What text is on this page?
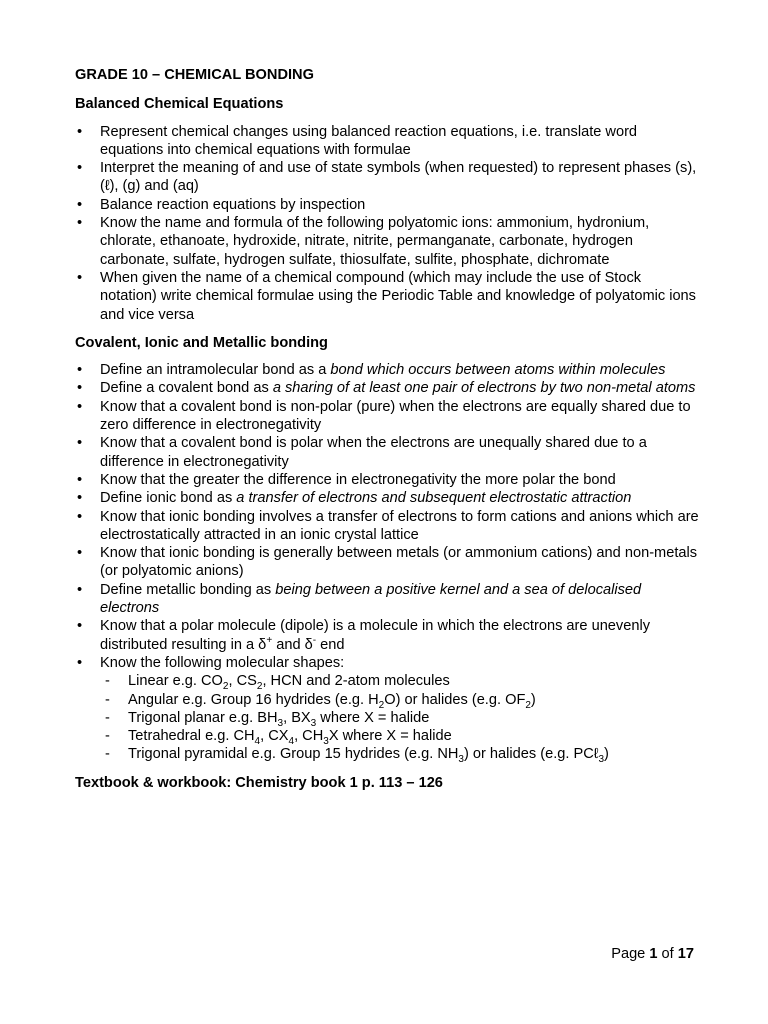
GRADE 10 – CHEMICAL BONDING
Balanced Chemical Equations
• Represent chemical changes using balanced reaction equations, i.e. translate word equations into chemical equations with formulae
• Interpret the meaning of and use of state symbols (when requested) to represent phases (s), (ℓ), (g) and (aq)
• Balance reaction equations by inspection
• Know the name and formula of the following polyatomic ions: ammonium, hydronium, chlorate, ethanoate, hydroxide, nitrate, nitrite, permanganate, carbonate, hydrogen carbonate, sulfate, hydrogen sulfate, thiosulfate, sulfite, phosphate, dichromate
• When given the name of a chemical compound (which may include the use of Stock notation) write chemical formulae using the Periodic Table and knowledge of polyatomic ions and vice versa
Covalent, Ionic and Metallic bonding
• Define an intramolecular bond as a bond which occurs between atoms within molecules
• Define a covalent bond as a sharing of at least one pair of electrons by two non-metal atoms
• Know that a covalent bond is non-polar (pure) when the electrons are equally shared due to zero difference in electronegativity
• Know that a covalent bond is polar when the electrons are unequally shared due to a difference in electronegativity
• Know that the greater the difference in electronegativity the more polar the bond
• Define ionic bond as a transfer of electrons and subsequent electrostatic attraction
• Know that ionic bonding involves a transfer of electrons to form cations and anions which are electrostatically attracted in an ionic crystal lattice
• Know that ionic bonding is generally between metals (or ammonium cations) and non-metals (or polyatomic anions)
• Define metallic bonding as being between a positive kernel and a sea of delocalised electrons
• Know that a polar molecule (dipole) is a molecule in which the electrons are unevenly distributed resulting in a δ+ and δ- end
• Know the following molecular shapes:
- Linear e.g. $CO_2$, $CS_2$, HCN and 2-atom molecules
- Angular e.g. Group 16 hydrides (e.g. $H_2O$) or halides (e.g. $OF_2$)
- Trigonal planar e.g. $BH_3$, $BX_3$ where X = halide
- Tetrahedral e.g. $CH_4$, $CX_4$, $CH_3X$ where X = halide
- Trigonal pyramidal e.g. Group 15 hydrides (e.g. $NH_3$) or halides (e.g. PCℓ$_3$)
Textbook & workbook: Chemistry book 1 p. 113 – 126
Page 1 of 17
